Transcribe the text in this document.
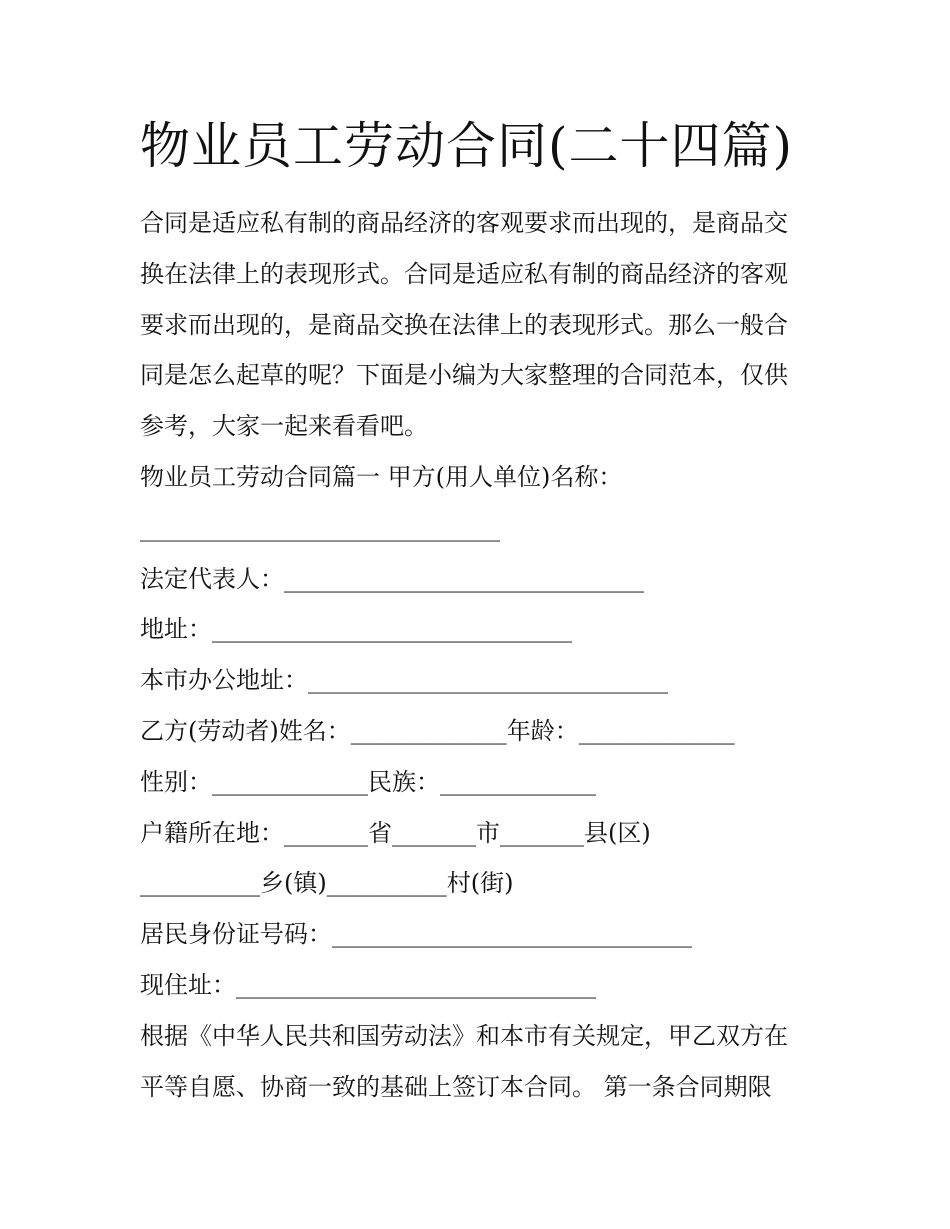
物业员工劳动合同(二十四篇)
合同是适应私有制的商品经济的客观要求而出现的，是商品交
换在法律上的表现形式。合同是适应私有制的商品经济的客观
要求而出现的，是商品交换在法律上的表现形式。那么一般合
同是怎么起草的呢？下面是小编为大家整理的合同范本，仅供
参考，大家一起来看看吧。
物业员工劳动合同篇一 甲方(用人单位)名称：
______________________________
法定代表人：______________________________
地址：______________________________
本市办公地址：______________________________
乙方(劳动者)姓名：_____________年龄：_____________
性别：_____________民族：_____________
户籍所在地：_______省_______市_______县(区)
__________乡(镇)__________村(街)
居民身份证号码：______________________________
现住址：______________________________
根据《中华人民共和国劳动法》和本市有关规定，甲乙双方在
平等自愿、协商一致的基础上签订本合同。 第一条合同期限
